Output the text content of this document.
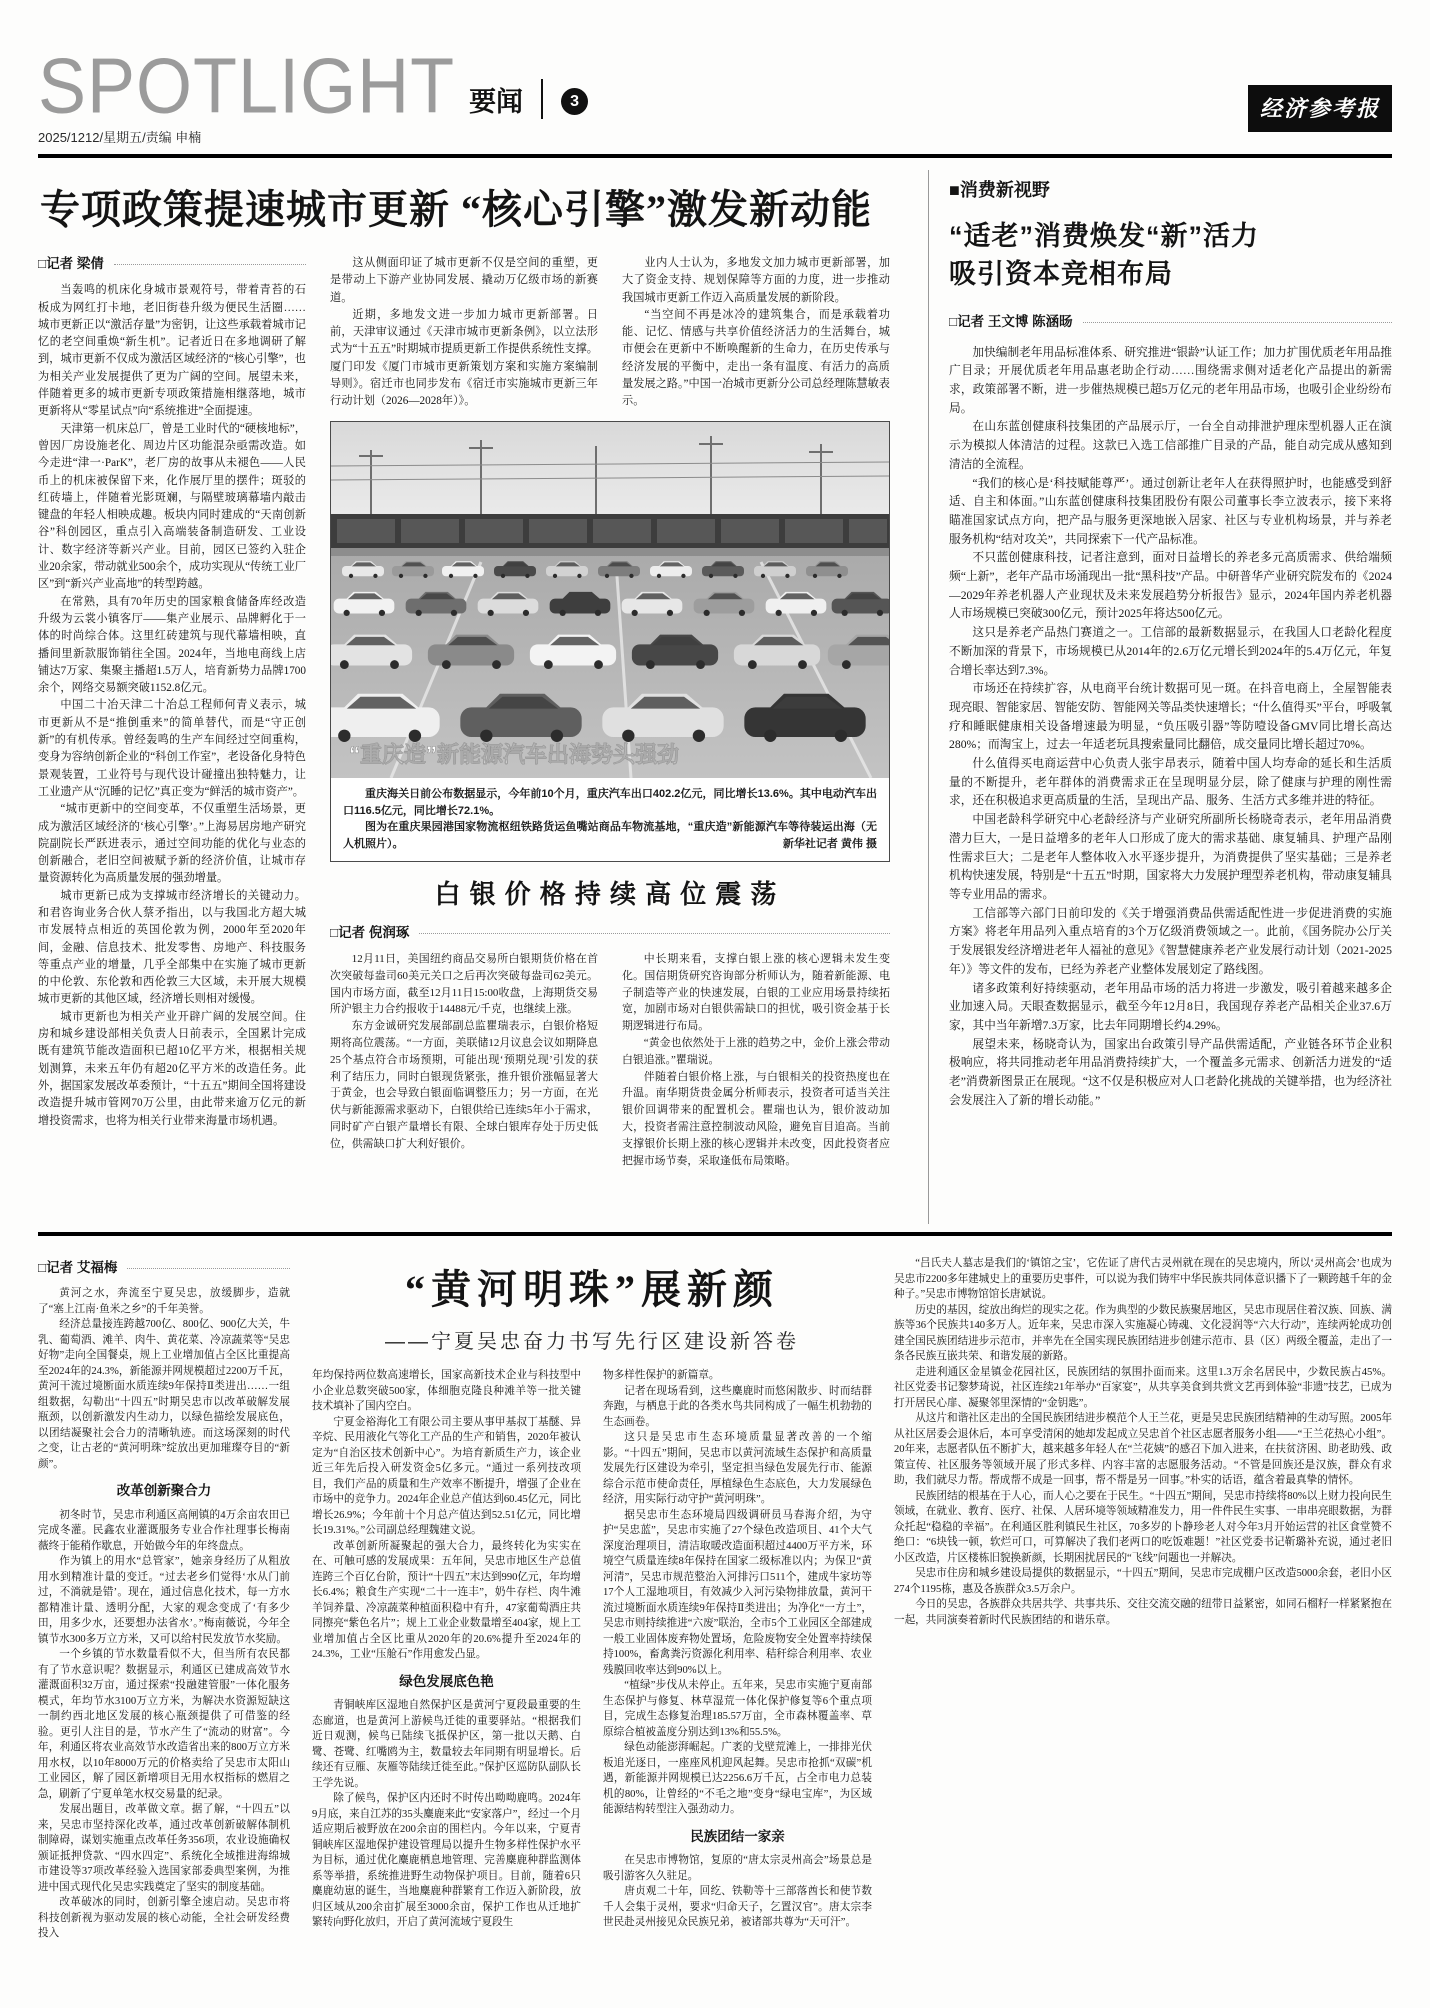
SPOTLIGHT 要闻	3
2025/1212/星期五/责编 申楠
经济参考报
专项政策提速城市更新 “核心引擎”激发新动能
□记者 梁倩

当轰鸣的机床化身城市景观符号，带着青苔的石板成为网红打卡地，老旧街巷升级为便民生活圈……城市更新正以“激活存量”为密钥，让这些承载着城市记忆的老空间重焕“新生机”。记者近日在多地调研了解到，城市更新不仅成为激活区域经济的“核心引擎”，也为相关产业发展提供了更为广阔的空间。展望未来，伴随着更多的城市更新专项政策措施相继落地，城市更新将从“零星试点”向“系统推进”全面提速。

天津第一机床总厂，曾是工业时代的“硬核地标”，曾因厂房设施老化、周边片区功能混杂亟需改造。如今走进“津一·ParK”，老厂房的故事从未褪色——人民币上的机床被保留下来，化作展厅里的摆件；斑驳的红砖墙上，伴随着光影斑斓，与隔壁玻璃幕墙内敲击键盘的年轻人相映成趣。板块内同时建成的“天南创新谷”科创园区，重点引入高端装备制造研发、工业设计、数字经济等新兴产业。目前，园区已签约入驻企业20余家，带动就业500余个，成功实现从“传统工业厂区”到“新兴产业高地”的转型跨越。

在常熟，具有70年历史的国家粮食储备库经改造升级为云裳小镇客厅——集产业展示、品牌孵化于一体的时尚综合体。这里红砖建筑与现代幕墙相映，直播间里新款服饰销往全国。2024年，当地电商线上店铺达7万家、集聚主播超1.5万人，培育新势力品牌1700余个，网络交易额突破1152.8亿元。

中国二十冶天津二十冶总工程师何青义表示，城市更新从不是“推倒重来”的简单替代，而是“守正创新”的有机传承。曾经轰鸣的生产车间经过空间重构，变身为容纳创新企业的“科创工作室”，老设备化身特色景观装置，工业符号与现代设计碰撞出独特魅力，让工业遗产从“沉睡的记忆”真正变为“鲜活的城市资产”。

“城市更新中的空间变革，不仅重塑生活场景，更成为激活区域经济的‘核心引擎’。”上海易居房地产研究院副院长严跃进表示，通过空间功能的优化与业态的创新融合，老旧空间被赋予新的经济价值，让城市存量资源转化为高质量发展的强劲增量。

城市更新已成为支撑城市经济增长的关键动力。和君咨询业务合伙人蔡矛指出，以与我国北方超大城市发展特点相近的英国伦敦为例，2000年至2020年间，金融、信息技术、批发零售、房地产、科技服务等重点产业的增量，几乎全部集中在实施了城市更新的中伦敦、东伦敦和西伦敦三大区域，未开展大规模城市更新的其他区域，经济增长则相对缓慢。

城市更新也为相关产业开辟广阔的发展空间。住房和城乡建设部相关负责人日前表示，全国累计完成既有建筑节能改造面积已超10亿平方米，根据相关规划测算，未来五年仍有超20亿平方米的改造任务。此外，据国家发展改革委预计，“十五五”期间全国将建设改造提升城市管网70万公里，由此带来逾万亿元的新增投资需求，也将为相关行业带来海量市场机遇。

这从侧面印证了城市更新不仅是空间的重塑，更是带动上下游产业协同发展、撬动万亿级市场的新赛道。

近期，多地发文进一步加力城市更新部署。日前，天津审议通过《天津市城市更新条例》，以立法形式为“十五五”时期城市提质更新工作提供系统性支撑。厦门印发《厦门市城市更新策划方案和实施方案编制导则》。宿迁市也同步发布《宿迁市实施城市更新三年行动计划（2026—2028年）》。

业内人士认为，多地发文加力城市更新部署，加大了资金支持、规划保障等方面的力度，进一步推动我国城市更新工作迈入高质量发展的新阶段。

“当空间不再是冰冷的建筑集合，而是承载着功能、记忆、情感与共享价值经济活力的生活舞台，城市便会在更新中不断唤醒新的生命力，在历史传承与经济发展的平衡中，走出一条有温度、有活力的高质量发展之路。”中国一冶城市更新分公司总经理陈慧敏表示。

“重庆造”新能源汽车出海势头强劲

重庆海关日前公布数据显示，今年前10个月，重庆汽车出口402.2亿元，同比增长13.6%。其中电动汽车出口116.5亿元，同比增长72.1%。

图为在重庆果园港国家物流枢纽铁路货运鱼嘴站商品车物流基地，“重庆造”新能源汽车等待装运出海（无人机照片）。	新华社记者 黄伟 摄

白银价格持续高位震荡
□记者 倪润琢

12月11日，美国纽约商品交易所白银期货价格在首次突破每盎司60美元关口之后再次突破每盎司62美元。国内市场方面，截至12月11日15:00收盘，上海期货交易所沪银主力合约报收于14488元/千克，也继续上涨。

东方金诚研究发展部副总监瞿瑞表示，白银价格短期将高位震荡。“一方面，美联储12月议息会议如期降息25个基点符合市场预期，可能出现‘预期兑现’引发的获利了结压力，同时白银现货紧张，推升银价涨幅显著大于黄金，也会导致白银面临调整压力；另一方面，在光伏与新能源需求驱动下，白银供给已连续5年小于需求，同时矿产白银产量增长有限、全球白银库存处于历史低位，供需缺口扩大利好银价。

中长期来看，支撑白银上涨的核心逻辑未发生变化。国信期货研究咨询部分析师认为，随着新能源、电子制造等产业的快速发展，白银的工业应用场景持续拓宽，加剧市场对白银供需缺口的担忧，吸引资金基于长期逻辑进行布局。

“黄金也依然处于上涨的趋势之中，金价上涨会带动白银追涨。”瞿瑞说。

伴随着白银价格上涨，与白银相关的投资热度也在升温。南华期货贵金属分析师表示，投资者可适当关注银价回调带来的配置机会。瞿瑞也认为，银价波动加大，投资者需注意控制波动风险，避免盲目追高。当前支撑银价长期上涨的核心逻辑并未改变，因此投资者应把握市场节奏，采取逢低布局策略。

■消费新视野
“适老”消费焕发“新”活力
吸引资本竞相布局
□记者 王文博 陈涵旸

加快编制老年用品标准体系、研究推进“银龄”认证工作；加力扩围优质老年用品推广目录；开展优质老年用品惠老助企行动……围绕需求侧对适老化产品提出的新需求，政策部署不断，进一步催热规模已超5万亿元的老年用品市场，也吸引企业纷纷布局。

在山东蓝创健康科技集团的产品展示厅，一台全自动排泄护理床型机器人正在演示为模拟人体清洁的过程。这款已入选工信部推广目录的产品，能自动完成从感知到清洁的全流程。

“我们的核心是‘科技赋能尊严’。通过创新让老年人在获得照护时，也能感受到舒适、自主和体面。”山东蓝创健康科技集团股份有限公司董事长李立波表示，接下来将瞄准国家试点方向，把产品与服务更深地嵌入居家、社区与专业机构场景，并与养老服务机构“结对攻关”，共同探索下一代产品标准。

不只蓝创健康科技，记者注意到，面对日益增长的养老多元高质需求、供给端频频“上新”，老年产品市场涌现出一批“黑科技”产品。中研普华产业研究院发布的《2024—2029年养老机器人产业现状及未来发展趋势分析报告》显示，2024年国内养老机器人市场规模已突破300亿元，预计2025年将达500亿元。

这只是养老产品热门赛道之一。工信部的最新数据显示，在我国人口老龄化程度不断加深的背景下，市场规模已从2014年的2.6万亿元增长到2024年的5.4万亿元，年复合增长率达到7.3%。

市场还在持续扩容，从电商平台统计数据可见一斑。在抖音电商上，全屋智能表现亮眼、智能家居、智能安防、智能网关等品类快速增长；“什么值得买”平台，呼吸氧疗和睡眠健康相关设备增速最为明显，“负压吸引器”等防噎设备GMV同比增长高达280%；而淘宝上，过去一年适老玩具搜索量同比翻倍，成交量同比增长超过70%。

什么值得买电商运营中心负责人张宇昂表示，随着中国人均寿命的延长和生活质量的不断提升，老年群体的消费需求正在呈现明显分层，除了健康与护理的刚性需求，还在积极追求更高质量的生活，呈现出产品、服务、生活方式多维并进的特征。

中国老龄科学研究中心老龄经济与产业研究所副所长杨晓奇表示，老年用品消费潜力巨大，一是日益增多的老年人口形成了庞大的需求基础、康复辅具、护理产品刚性需求巨大；二是老年人整体收入水平逐步提升，为消费提供了坚实基础；三是养老机构快速发展，特别是“十五五”时期，国家将大力发展护理型养老机构，带动康复辅具等专业用品的需求。

工信部等六部门日前印发的《关于增强消费品供需适配性进一步促进消费的实施方案》将老年用品列入重点培育的3个万亿级消费领域之一。此前，《国务院办公厅关于发展银发经济增进老年人福祉的意见》《智慧健康养老产业发展行动计划（2021-2025年）》等文件的发布，已经为养老产业整体发展划定了路线图。

诸多政策利好持续驱动，老年用品市场的活力将进一步激发，吸引着越来越多企业加速入局。天眼查数据显示，截至今年12月8日，我国现存养老产品相关企业37.6万家，其中当年新增7.3万家，比去年同期增长约4.29%。

展望未来，杨晓奇认为，国家出台政策引导产品供需适配，产业链各环节企业积极响应，将共同推动老年用品消费持续扩大，一个覆盖多元需求、创新活力迸发的“适老”消费新图景正在展现。“这不仅是积极应对人口老龄化挑战的关键举措，也为经济社会发展注入了新的增长动能。”

□记者 艾福梅

黄河之水，奔流至宁夏吴忠，放缓脚步，造就了“塞上江南·鱼米之乡”的千年美誉。

经济总量接连跨越700亿、800亿、900亿大关，牛乳、葡萄酒、滩羊、肉牛、黄花菜、冷凉蔬菜等“吴忠好物”走向全国餐桌，规上工业增加值占全区比重提高至2024年的24.3%，新能源并网规模超过2200万千瓦，黄河干流过境断面水质连续9年保持Ⅱ类进出……一组组数据，勾勒出“十四五”时期吴忠市以改革破解发展瓶颈，以创新激发内生动力，以绿色描绘发展底色，以团结凝聚社会合力的清晰轨迹。而这场深刻的时代之变，让古老的“黄河明珠”绽放出更加璀璨夺目的“新颜”。

改革创新聚合力

初冬时节，吴忠市利通区高闸镇的4万余亩农田已完成冬灌。民鑫农业灌溉服务专业合作社理事长梅南薇终于能稍作歇息，开始做今年的年终盘点。

作为镇上的用水“总管家”，她亲身经历了从粗放用水到精准计量的变迁。“过去老乡们觉得‘水从门前过，不淌就是错’。现在，通过信息化技术，每一方水都精准计量、透明分配，大家的观念变成了‘有多少田，用多少水，还要想办法省水’。”梅南薇说，今年全镇节水300多万立方米，又可以给村民发放节水奖励。

一个乡镇的节水数量看似不大，但当所有农民都有了节水意识呢？数据显示，利通区已建成高效节水灌溉面积32万亩，通过探索“投融建管服”一体化服务模式，年均节水3100万立方米，为解决水资源短缺这一制约西北地区发展的核心瓶颈提供了可借鉴的经验。更引人注目的是，节水产生了“流动的财富”。今年，利通区将农业高效节水改造省出来的800万立方米用水权，以10年8000万元的价格卖给了吴忠市太阳山工业园区，解了园区新增项目无用水权指标的燃眉之急，刷新了宁夏单笔水权交易量的纪录。

发展出题目，改革做文章。据了解，“十四五”以来，吴忠市坚持深化改革，通过改革创新破解体制机制障碍，谋划实施重点改革任务356项，农业设施确权颁证抵押贷款、“四水四定”、系统化全域推进海绵城市建设等37项改革经验入选国家部委典型案例，为推进中国式现代化吴忠实践奠定了坚实的制度基础。

改革破冰的同时，创新引擎全速启动。吴忠市将科技创新视为驱动发展的核心动能，全社会研发经费投入

“黄河明珠”展新颜
——宁夏吴忠奋力书写先行区建设新答卷

年均保持两位数高速增长，国家高新技术企业与科技型中小企业总数突破500家，体细胞克隆良种滩羊等一批关键技术填补了国内空白。

宁夏金裕海化工有限公司主要从事甲基叔丁基醚、异辛烷、民用液化气等化工产品的生产和销售，2020年被认定为“自治区技术创新中心”。为培育新质生产力，该企业近三年先后投入研发资金5亿多元。“通过一系列技改项目，我们产品的质量和生产效率不断提升，增强了企业在市场中的竞争力。2024年企业总产值达到60.45亿元，同比增长26.9%；今年前十个月总产值达到52.51亿元，同比增长19.31%。”公司副总经理魏建文说。

改革创新所凝聚起的强大合力，最终转化为实实在在、可触可感的发展成果：五年间，吴忠市地区生产总值连跨三个百亿台阶，预计“十四五”末达到990亿元，年均增长6.4%；粮食生产实现“二十一连丰”，奶牛存栏、肉牛滩羊饲养量、冷凉蔬菜种植面积稳中有升，47家葡萄酒庄共同擦亮“紫色名片”；规上工业企业数量增至404家，规上工业增加值占全区比重从2020年的20.6%提升至2024年的24.3%，工业“压舱石”作用愈发凸显。

绿色发展底色艳

青铜峡库区湿地自然保护区是黄河宁夏段最重要的生态廊道，也是黄河上游候鸟迁徙的重要驿站。“根据我们近日观测，候鸟已陆续飞抵保护区，第一批以天鹅、白鹭、苍鹭、红嘴鸥为主，数量较去年同期有明显增长。后续还有豆雁、灰雁等陆续迁徙至此。”保护区巡防队副队长王学先说。

除了候鸟，保护区内还时不时传出呦呦鹿鸣。2024年9月底，来自江苏的35头麋鹿来此“安家落户”，经过一个月适应期后被野放在200余亩的围栏内。今年以来，宁夏青铜峡库区湿地保护建设管理局以提升生物多样性保护水平为目标，通过优化麋鹿栖息地管理、完善麋鹿种群监测体系等举措，系统推进野生动物保护项目。目前，随着6只麋鹿幼崽的诞生，当地麋鹿种群繁育工作迈入新阶段，放归区域从200余亩扩展至3000余亩，保护工作也从迁地扩繁转向野化放归，开启了黄河流域宁夏段生

物多样性保护的新篇章。

记者在现场看到，这些麋鹿时而悠闲散步、时而结群奔跑，与栖息于此的各类水鸟共同构成了一幅生机勃勃的生态画卷。

这只是吴忠市生态环境质量显著改善的一个缩影。“十四五”期间，吴忠市以黄河流域生态保护和高质量发展先行区建设为牵引，坚定担当绿色发展先行市、能源综合示范市使命责任，厚植绿色生态底色，大力发展绿色经济，用实际行动守护“黄河明珠”。

据吴忠市生态环境局四级调研员马春海介绍，为守护“吴忠蓝”，吴忠市实施了27个绿色改造项目、41个大气深度治理项目，清洁取暖改造面积超过4400万平方米，环境空气质量连续8年保持在国家二级标准以内；为保卫“黄河清”，吴忠市规范整治入河排污口511个，建成牛家坊等17个人工湿地项目，有效减少入河污染物排放量，黄河干流过境断面水质连续9年保持Ⅱ类进出；为净化“一方土”，吴忠市则持续推进“六废”联治，全市5个工业园区全部建成一般工业固体废弃物处置场，危险废物安全处置率持续保持100%，畜禽粪污资源化利用率、秸秆综合利用率、农业残膜回收率达到90%以上。

“植绿”步伐从未停止。五年来，吴忠市实施宁夏南部生态保护与修复、林草湿荒一体化保护修复等6个重点项目，完成生态修复治理185.57万亩，全市森林覆盖率、草原综合植被盖度分别达到13%和55.5%。

绿色动能澎湃崛起。广袤的戈壁荒滩上，一排排光伏板追光逐日，一座座风机迎风起舞。吴忠市抢抓“双碳”机遇，新能源并网规模已达2256.6万千瓦，占全市电力总装机的80%，让曾经的“不毛之地”变身“绿电宝库”，为区域能源结构转型注入强劲动力。

民族团结一家亲

在吴忠市博物馆，复原的“唐太宗灵州高会”场景总是吸引游客久久驻足。

唐贞观二十年，回纥、铁勒等十三部落酋长和使节数千人会集于灵州，要求“归命天子，乞置汉官”。唐太宗李世民赴灵州接见众民族兄弟，被诸部共尊为“天可汗”。

“吕氏夫人墓志是我们的‘镇馆之宝’，它佐证了唐代古灵州就在现在的吴忠境内，所以‘灵州高会’也成为吴忠市2200多年建城史上的重要历史事件，可以说为我们铸牢中华民族共同体意识播下了一颗跨越千年的金种子。”吴忠市博物馆馆长唐斌说。

历史的基因，绽放出绚烂的现实之花。作为典型的少数民族聚居地区，吴忠市现居住着汉族、回族、满族等36个民族共140多万人。近年来，吴忠市深入实施凝心铸魂、文化浸润等“六大行动”，连续两轮成功创建全国民族团结进步示范市，并率先在全国实现民族团结进步创建示范市、县（区）两级全覆盖，走出了一条各民族互嵌共荣、和谐发展的新路。

走进利通区金星镇金花园社区，民族团结的氛围扑面而来。这里1.3万余名居民中，少数民族占45%。社区党委书记黎梦琦说，社区连续21年举办“百家宴”，从共享美食到共赏文艺再到体验“非遗”技艺，已成为打开居民心扉、凝聚邻里深情的“金钥匙”。

从这片和谐社区走出的全国民族团结进步模范个人王兰花，更是吴忠民族团结精神的生动写照。2005年从社区居委会退休后，本可享受清闲的她却发起成立吴忠首个社区志愿者服务小组——“王兰花热心小组”。20年来，志愿者队伍不断扩大，越来越多年轻人在“兰花姨”的感召下加入进来，在扶贫济困、助老助残、政策宣传、社区服务等领域开展了形式多样、内容丰富的志愿服务活动。“不管是回族还是汉族，群众有求助，我们就尽力帮。帮成帮不成是一回事，帮不帮是另一回事。”朴实的话语，蕴含着最真挚的情怀。

民族团结的根基在于人心，而人心之要在于民生。“十四五”期间，吴忠市持续将80%以上财力投向民生领域，在就业、教育、医疗、社保、人居环境等领域精准发力，用一件件民生实事、一串串亮眼数据，为群众托起“稳稳的幸福”。在利通区胜利镇民生社区，70多岁的卜静珍老人对今年3月开始运营的社区食堂赞不绝口：“6块钱一顿，软烂可口，可算解决了我们老两口的吃饭难题！”社区党委书记靳璐补充说，通过老旧小区改造，片区楼栋旧貌换新颜，长期困扰居民的“飞线”问题也一并解决。

吴忠市住房和城乡建设局提供的数据显示，“十四五”期间，吴忠市完成棚户区改造5000余套，老旧小区274个1195栋，惠及各族群众3.5万余户。

今日的吴忠，各族群众共居共学、共事共乐、交往交流交融的纽带日益紧密，如同石榴籽一样紧紧抱在一起，共同演奏着新时代民族团结的和谐乐章。
